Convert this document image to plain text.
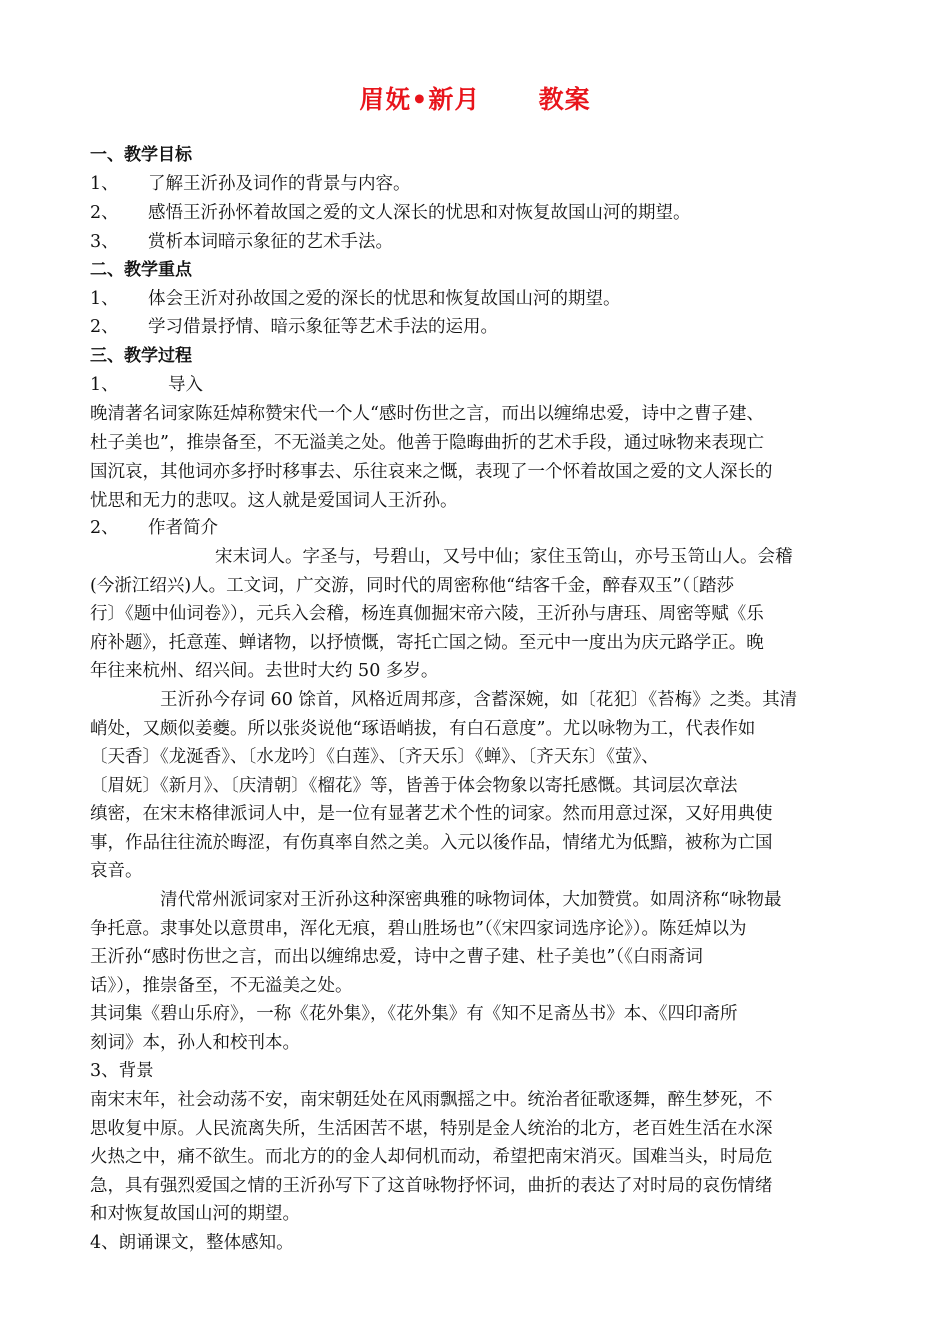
眉妩•新月      教案
一、教学目标
1、 了解王沂孙及词作的背景与内容。
2、 感悟王沂孙怀着故国之爱的文人深长的忧思和对恢复故国山河的期望。
3、 赏析本词暗示象征的艺术手法。
二、教学重点
1、 体会王沂对孙故国之爱的深长的忧思和恢复故国山河的期望。
2、 学习借景抒情、暗示象征等艺术手法的运用。
三、教学过程
1、	导入
晚清著名词家陈廷焯称赞宋代一个人“感时伤世之言，而出以缠绵忠爱，诗中之曹子建、
杜子美也”，推崇备至，不无溢美之处。他善于隐晦曲折的艺术手段，通过咏物来表现亡
国沉哀，其他词亦多抒时移事去、乐往哀来之慨，表现了一个怀着故国之爱的文人深长的
忧思和无力的悲叹。这人就是爱国词人王沂孙。
2、 作者简介
宋末词人。字圣与，号碧山，又号中仙；家住玉笥山，亦号玉笥山人。会稽
(今浙江绍兴)人。工文词，广交游，同时代的周密称他“结客千金，醉春双玉”（〔踏莎
行〕《题中仙词卷》），元兵入会稽，杨连真伽掘宋帝六陵，王沂孙与唐珏、周密等赋《乐
府补题》，托意莲、蝉诸物，以抒愤慨，寄托亡国之恸。至元中一度出为庆元路学正。晚
年往来杭州、绍兴间。去世时大约 50 多岁。
王沂孙今存词 60 馀首，风格近周邦彦，含蓄深婉，如〔花犯〕《苔梅》之类。其清
峭处，又颇似姜夔。所以张炎说他“琢语峭拔，有白石意度”。尤以咏物为工，代表作如
〔天香〕《龙涎香》、〔水龙吟〕《白莲》、〔齐天乐〕《蝉》、〔齐天东〕《萤》、
〔眉妩〕《新月》、〔庆清朝〕《榴花》等，皆善于体会物象以寄托感慨。其词层次章法
缜密，在宋末格律派词人中，是一位有显著艺术个性的词家。然而用意过深，又好用典使
事，作品往往流於晦涩，有伤真率自然之美。入元以後作品，情绪尤为低黯，被称为亡国
哀音。
清代常州派词家对王沂孙这种深密典雅的咏物词体，大加赞赏。如周济称“咏物最
争托意。隶事处以意贯串，浑化无痕，碧山胜场也”（《宋四家词选序论》）。陈廷焯以为
王沂孙“感时伤世之言，而出以缠绵忠爱，诗中之曹子建、杜子美也”（《白雨斋词
话》），推崇备至，不无溢美之处。
其词集《碧山乐府》，一称《花外集》，《花外集》有《知不足斋丛书》本、《四印斋所
刻词》本，孙人和校刊本。
3、背景
南宋末年，社会动荡不安，南宋朝廷处在风雨飘摇之中。统治者征歌逐舞，醉生梦死，不
思收复中原。人民流离失所，生活困苦不堪，特别是金人统治的北方，老百姓生活在水深
火热之中，痛不欲生。而北方的的金人却伺机而动，希望把南宋消灭。国难当头，时局危
急，具有强烈爱国之情的王沂孙写下了这首咏物抒怀词，曲折的表达了对时局的哀伤情绪
和对恢复故国山河的期望。
4、朗诵课文，整体感知。
